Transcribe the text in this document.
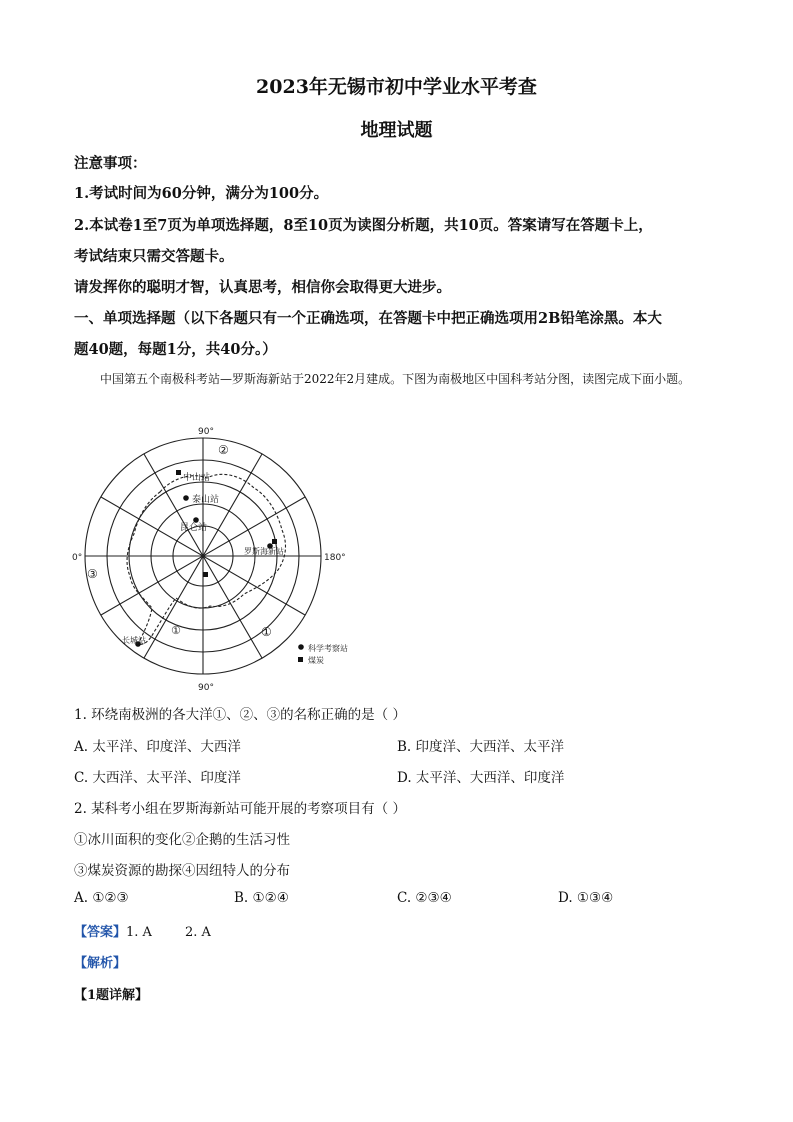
2023年无锡市初中学业水平考查
地理试题
注意事项：
1.考试时间为60分钟，满分为100分。
2.本试卷1至7页为单项选择题，8至10页为读图分析题，共10页。答案请写在答题卡上，
考试结束只需交答题卡。
请发挥你的聪明才智，认真思考，相信你会取得更大进步。
一、单项选择题（以下各题只有一个正确选项，在答题卡中把正确选项用2B铅笔涂黑。本大
题40题，每题1分，共40分。）
中国第五个南极科考站—罗斯海新站于2022年2月建成。下图为南极地区中国科考站分图，读图完成下面小题。
90°
0°	180°
90°
②
③
①
①
中山站
泰山站
昆仑站
罗斯海新站
长城站
科学考察站
煤炭
1. 环绕南极洲的各大洋①、②、③的名称正确的是（ ）
A. 太平洋、印度洋、大西洋	B. 印度洋、大西洋、太平洋
C. 大西洋、太平洋、印度洋	D. 太平洋、大西洋、印度洋
2. 某科考小组在罗斯海新站可能开展的考察项目有（ ）
①冰川面积的变化②企鹅的生活习性
③煤炭资源的勘探④因纽特人的分布
A. ①②③	B. ①②④	C. ②③④	D. ①③④
【答案】1. A        2. A
【解析】
【1题详解】
